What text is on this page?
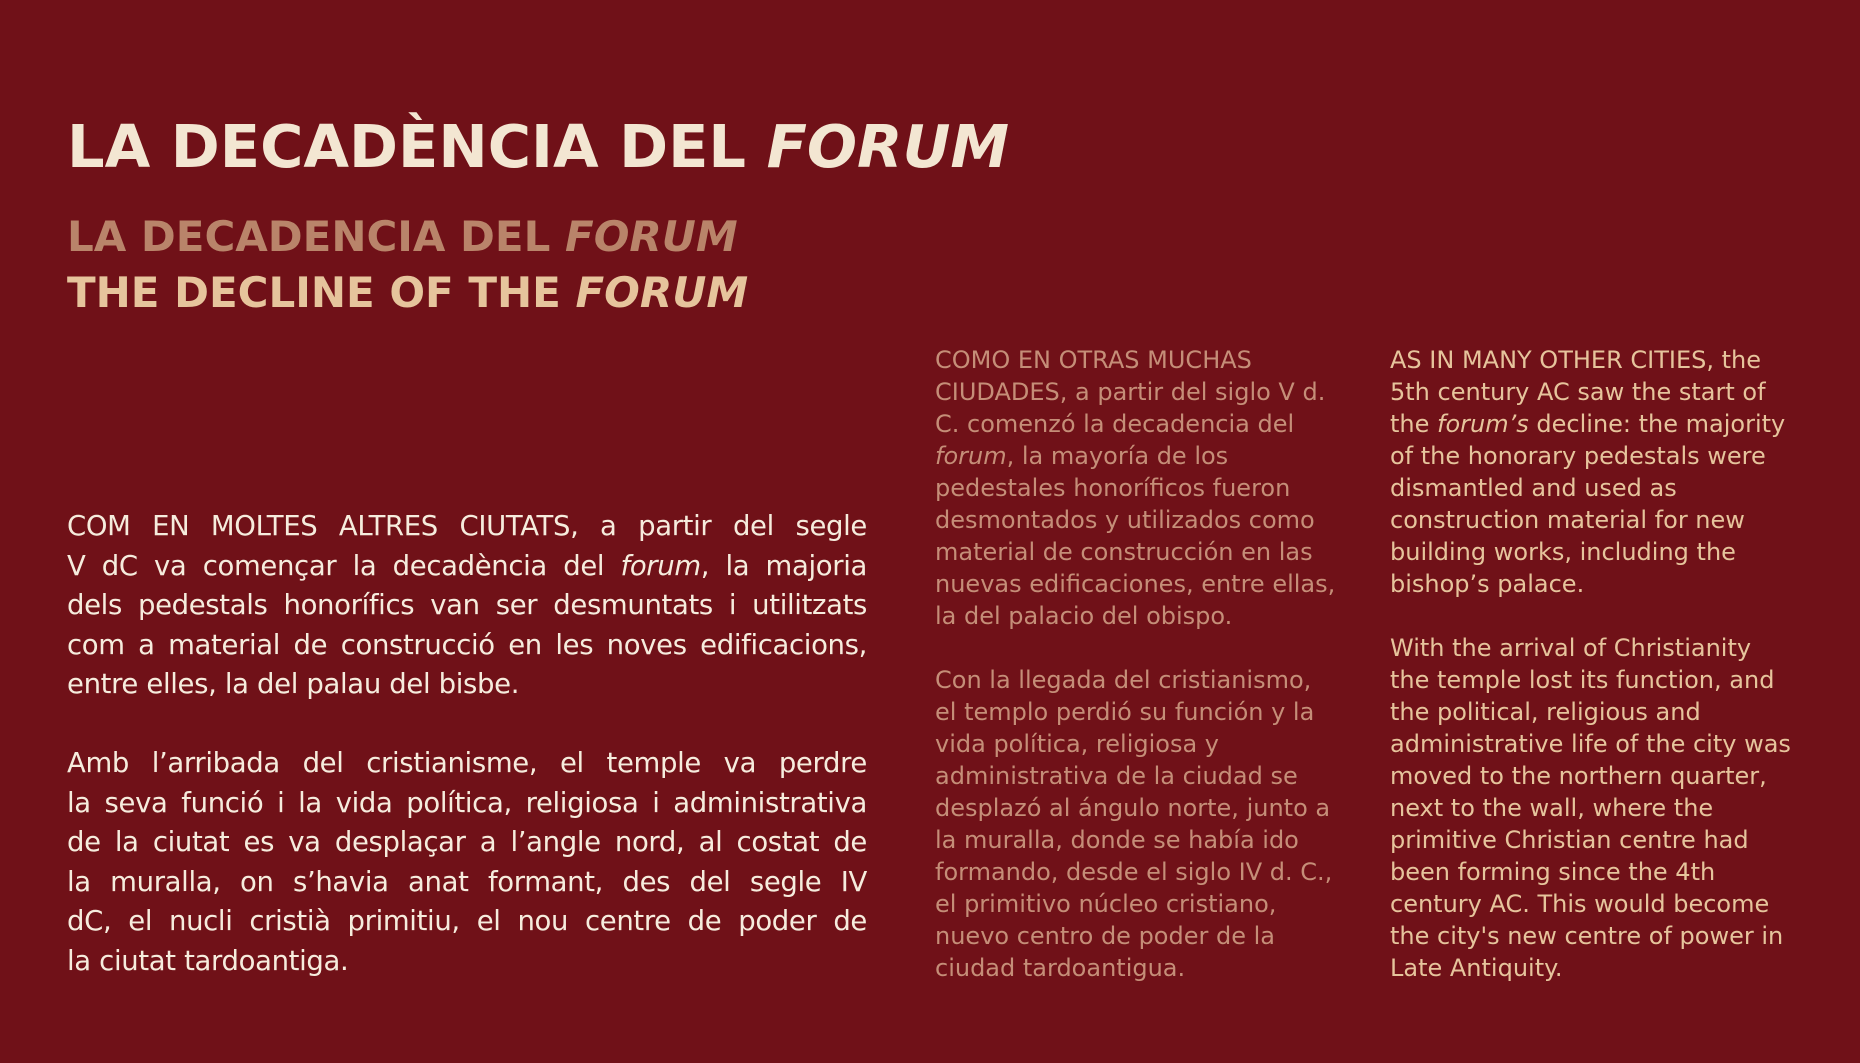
LA DECADÈNCIA DEL FORUM
LA DECADENCIA DEL FORUM
THE DECLINE OF THE FORUM

COM EN MOLTES ALTRES CIUTATS, a partir del segle
V dC va començar la decadència del forum, la majoria
dels pedestals honorífics van ser desmuntats i utilitzats
com a material de construcció en les noves edificacions,
entre elles, la del palau del bisbe.

Amb l’arribada del cristianisme, el temple va perdre
la seva funció i la vida política, religiosa i administrativa
de la ciutat es va desplaçar a l’angle nord, al costat de
la muralla, on s’havia anat formant, des del segle IV
dC, el nucli cristià primitiu, el nou centre de poder de
la ciutat tardoantiga.

COMO EN OTRAS MUCHAS
CIUDADES, a partir del siglo V d.
C. comenzó la decadencia del
forum, la mayoría de los
pedestales honoríficos fueron
desmontados y utilizados como
material de construcción en las
nuevas edificaciones, entre ellas,
la del palacio del obispo.

Con la llegada del cristianismo,
el templo perdió su función y la
vida política, religiosa y
administrativa de la ciudad se
desplazó al ángulo norte, junto a
la muralla, donde se había ido
formando, desde el siglo IV d. C.,
el primitivo núcleo cristiano,
nuevo centro de poder de la
ciudad tardoantigua.

AS IN MANY OTHER CITIES, the
5th century AC saw the start of
the forum’s decline: the majority
of the honorary pedestals were
dismantled and used as
construction material for new
building works, including the
bishop’s palace.

With the arrival of Christianity
the temple lost its function, and
the political, religious and
administrative life of the city was
moved to the northern quarter,
next to the wall, where the
primitive Christian centre had
been forming since the 4th
century AC. This would become
the city's new centre of power in
Late Antiquity.
